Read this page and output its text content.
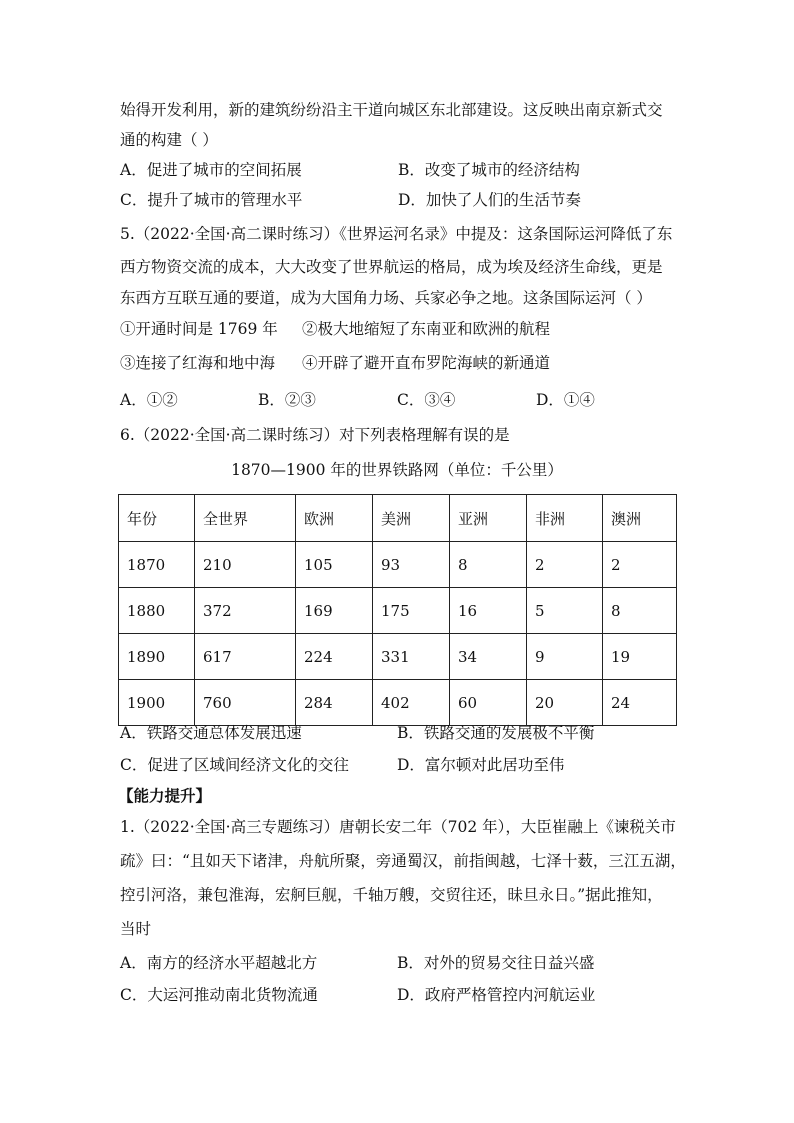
始得开发利用，新的建筑纷纷沿主干道向城区东北部建设。这反映出南京新式交
通的构建（ ）
A．促进了城市的空间拓展	B．改变了城市的经济结构
C．提升了城市的管理水平	D．加快了人们的生活节奏
5.（2022·全国·高二课时练习）《世界运河名录》中提及：这条国际运河降低了东
西方物资交流的成本，大大改变了世界航运的格局，成为埃及经济生命线，更是
东西方互联互通的要道，成为大国角力场、兵家必争之地。这条国际运河（ ）
①开通时间是 1769 年 ②极大地缩短了东南亚和欧洲的航程
③连接了红海和地中海 ④开辟了避开直布罗陀海峡的新通道
A．①②	B．②③	C．③④	D．①④
6.（2022·全国·高二课时练习）对下列表格理解有误的是
1870—1900 年的世界铁路网（单位：千公里）
年份	全世界	欧洲	美洲	亚洲	非洲	澳洲
1870	210	105	93	8	2	2
1880	372	169	175	16	5	8
1890	617	224	331	34	9	19
1900	760	284	402	60	20	24
A．铁路交通总体发展迅速	B．铁路交通的发展极不平衡
C．促进了区域间经济文化的交往	D．富尔顿对此居功至伟
【能力提升】
1.（2022·全国·高三专题练习）唐朝长安二年（702 年），大臣崔融上《谏税关市
疏》曰：“且如天下诸津，舟航所聚，旁通蜀汉，前指闽越，七泽十薮，三江五湖，
控引河洛，兼包淮海，宏舸巨舰，千轴万艘，交贸往还，昧旦永日。”据此推知，
当时
A．南方的经济水平超越北方	B．对外的贸易交往日益兴盛
C．大运河推动南北货物流通	D．政府严格管控内河航运业
